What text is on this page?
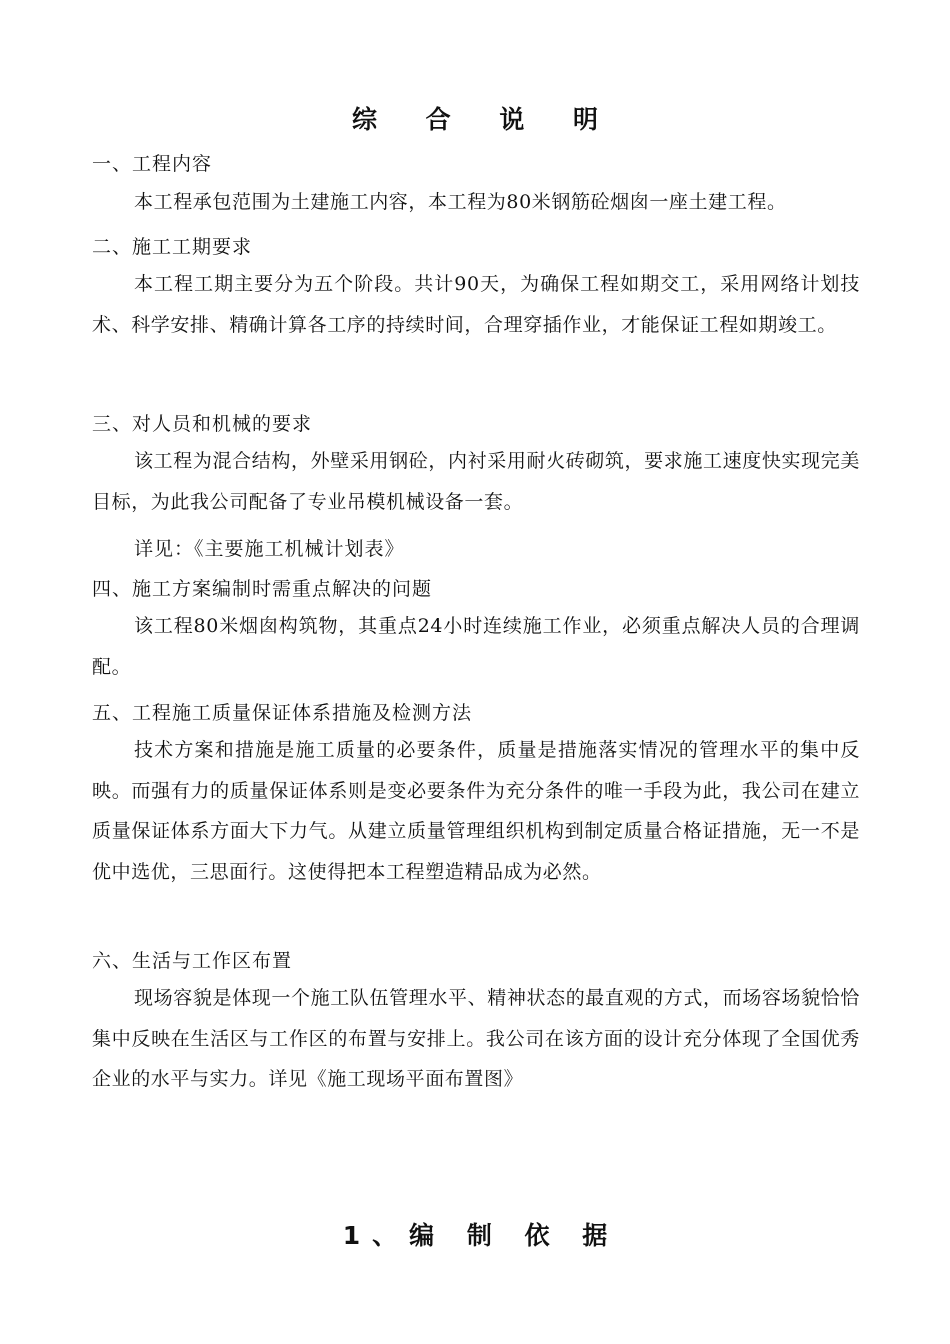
综 合 说 明
一、工程内容
本工程承包范围为土建施工内容，本工程为80米钢筋砼烟囱一座土建工程。
二、施工工期要求
本工程工期主要分为五个阶段。共计90天，为确保工程如期交工，采用网络计划技术、科学安排、精确计算各工序的持续时间，合理穿插作业，才能保证工程如期竣工。
三、对人员和机械的要求
该工程为混合结构，外壁采用钢砼，内衬采用耐火砖砌筑，要求施工速度快实现完美目标，为此我公司配备了专业吊模机械设备一套。
详见：《主要施工机械计划表》
四、施工方案编制时需重点解决的问题
该工程80米烟囱构筑物，其重点24小时连续施工作业，必须重点解决人员的合理调配。
五、工程施工质量保证体系措施及检测方法
技术方案和措施是施工质量的必要条件，质量是措施落实情况的管理水平的集中反映。而强有力的质量保证体系则是变必要条件为充分条件的唯一手段为此，我公司在建立质量保证体系方面大下力气。从建立质量管理组织机构到制定质量合格证措施，无一不是优中选优，三思面行。这使得把本工程塑造精品成为必然。
六、生活与工作区布置
现场容貌是体现一个施工队伍管理水平、精神状态的最直观的方式，而场容场貌恰恰集中反映在生活区与工作区的布置与安排上。我公司在该方面的设计充分体现了全国优秀企业的水平与实力。详见《施工现场平面布置图》
1、编 制 依 据
